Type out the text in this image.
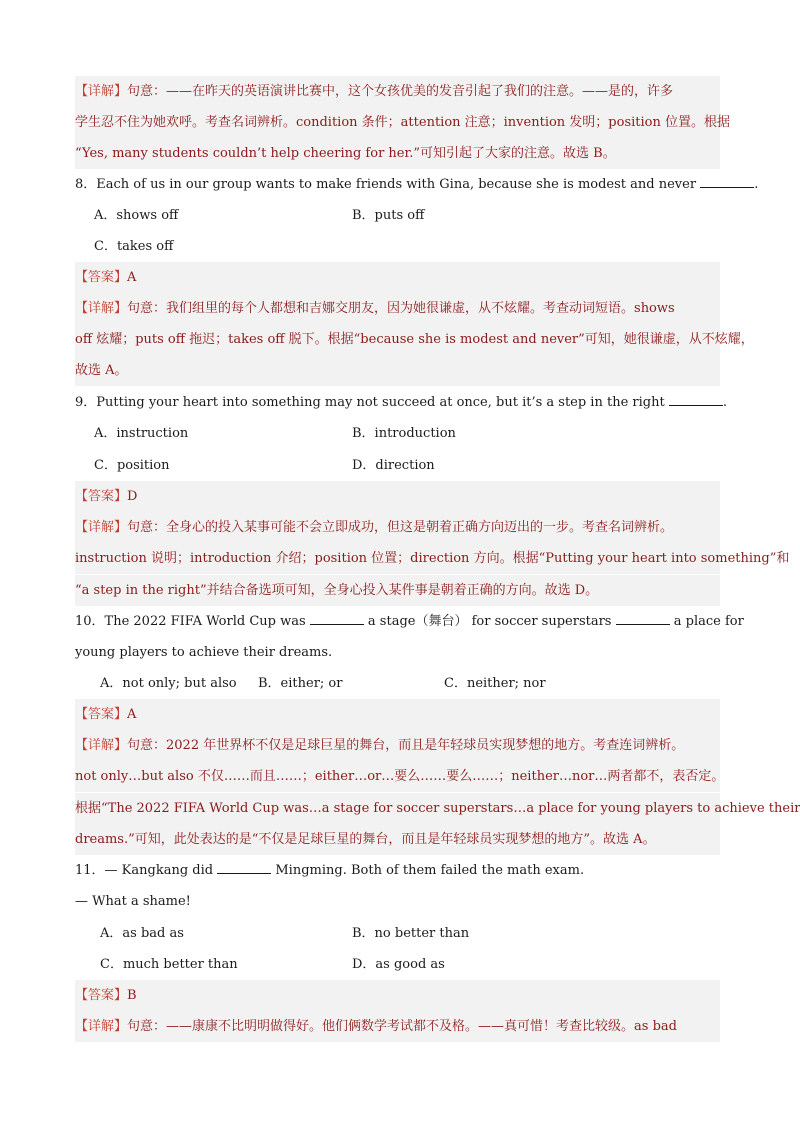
【详解】句意：——在昨天的英语演讲比赛中，这个女孩优美的发音引起了我们的注意。——是的，许多
学生忍不住为她欢呼。考查名词辨析。condition 条件；attention 注意；invention 发明；position 位置。根据
“Yes, many students couldn’t help cheering for her.”可知引起了大家的注意。故选 B。
8．Each of us in our group wants to make friends with Gina, because she is modest and never	.
A．shows off	B．puts off
C．takes off
【答案】A
【详解】句意：我们组里的每个人都想和吉娜交朋友，因为她很谦虚，从不炫耀。考查动词短语。shows
off 炫耀；puts off 拖迟；takes off 脱下。根据“because she is modest and never”可知，她很谦虚，从不炫耀，
故选 A。
9．Putting your heart into something may not succeed at once, but it’s a step in the right	.
A．instruction	B．introduction
C．position	D．direction
【答案】D
【详解】句意：全身心的投入某事可能不会立即成功，但这是朝着正确方向迈出的一步。考查名词辨析。
instruction 说明；introduction 介绍；position 位置；direction 方向。根据“Putting your heart into something”和
“a step in the right”并结合备选项可知，全身心投入某件事是朝着正确的方向。故选 D。
10．The 2022 FIFA World Cup was	a stage（舞台） for soccer superstars	a place for
young players to achieve their dreams.
A．not only; but also B．either; or	C．neither; nor
【答案】A
【详解】句意：2022 年世界杯不仅是足球巨星的舞台，而且是年轻球员实现梦想的地方。考查连词辨析。
not only…but also 不仅……而且……；either…or…要么……要么……；neither…nor…两者都不，表否定。
根据“The 2022 FIFA World Cup was…a stage for soccer superstars…a place for young players to achieve their
dreams.”可知，此处表达的是“不仅是足球巨星的舞台，而且是年轻球员实现梦想的地方”。故选 A。
11．— Kangkang did	Mingming. Both of them failed the math exam.
— What a shame!
A．as bad as	B．no better than
C．much better than	D．as good as
【答案】B
【详解】句意：——康康不比明明做得好。他们俩数学考试都不及格。——真可惜！考查比较级。as bad
